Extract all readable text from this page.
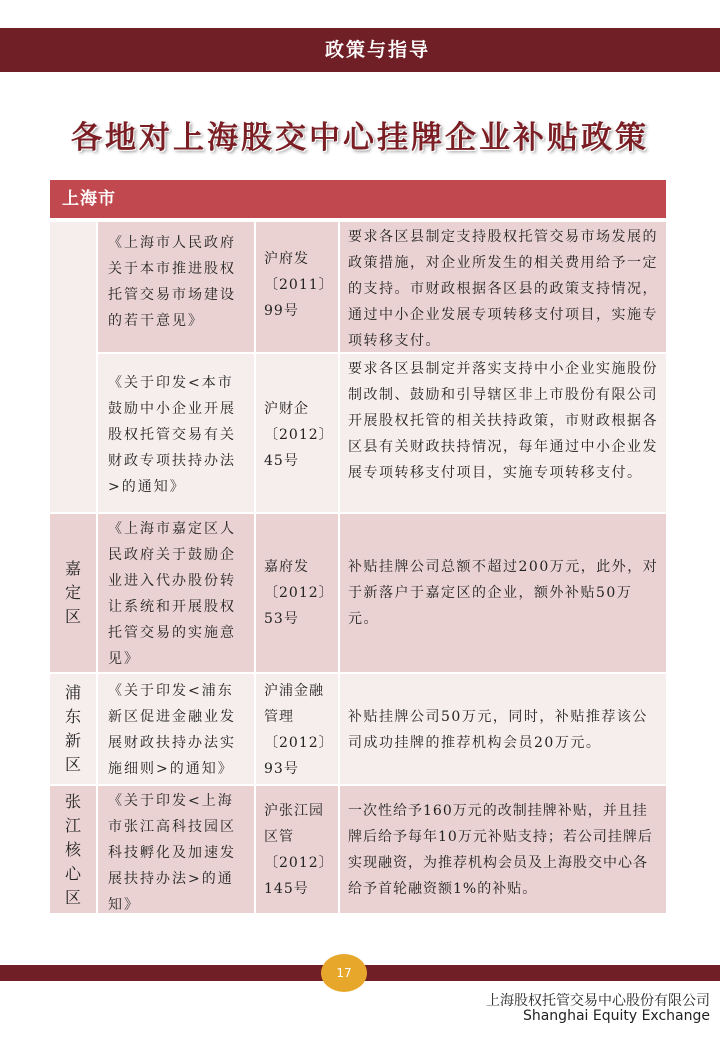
政策与指导
各地对上海股交中心挂牌企业补贴政策
上海市
嘉定区
浦东新区
张江核心区
《上海市人民政府关于本市推进股权托管交易市场建设的若干意见》
沪府发〔2011〕99号
要求各区县制定支持股权托管交易市场发展的政策措施，对企业所发生的相关费用给予一定的支持。市财政根据各区县的政策支持情况，通过中小企业发展专项转移支付项目，实施专项转移支付。
《关于印发<本市鼓励中小企业开展股权托管交易有关财政专项扶持办法>的通知》
沪财企〔2012〕45号
要求各区县制定并落实支持中小企业实施股份制改制、鼓励和引导辖区非上市股份有限公司开展股权托管的相关扶持政策，市财政根据各区县有关财政扶持情况，每年通过中小企业发展专项转移支付项目，实施专项转移支付。
《上海市嘉定区人民政府关于鼓励企业进入代办股份转让系统和开展股权托管交易的实施意见》
嘉府发〔2012〕53号
补贴挂牌公司总额不超过200万元，此外，对于新落户于嘉定区的企业，额外补贴50万元。
《关于印发<浦东新区促进金融业发展财政扶持办法实施细则>的通知》
沪浦金融管理〔2012〕93号
补贴挂牌公司50万元，同时，补贴推荐该公司成功挂牌的推荐机构会员20万元。
《关于印发<上海市张江高科技园区科技孵化及加速发展扶持办法>的通知》
沪张江园区管〔2012〕145号
一次性给予160万元的改制挂牌补贴，并且挂牌后给予每年10万元补贴支持；若公司挂牌后实现融资，为推荐机构会员及上海股交中心各给予首轮融资额1%的补贴。
17
上海股权托管交易中心股份有限公司
Shanghai Equity Exchange
